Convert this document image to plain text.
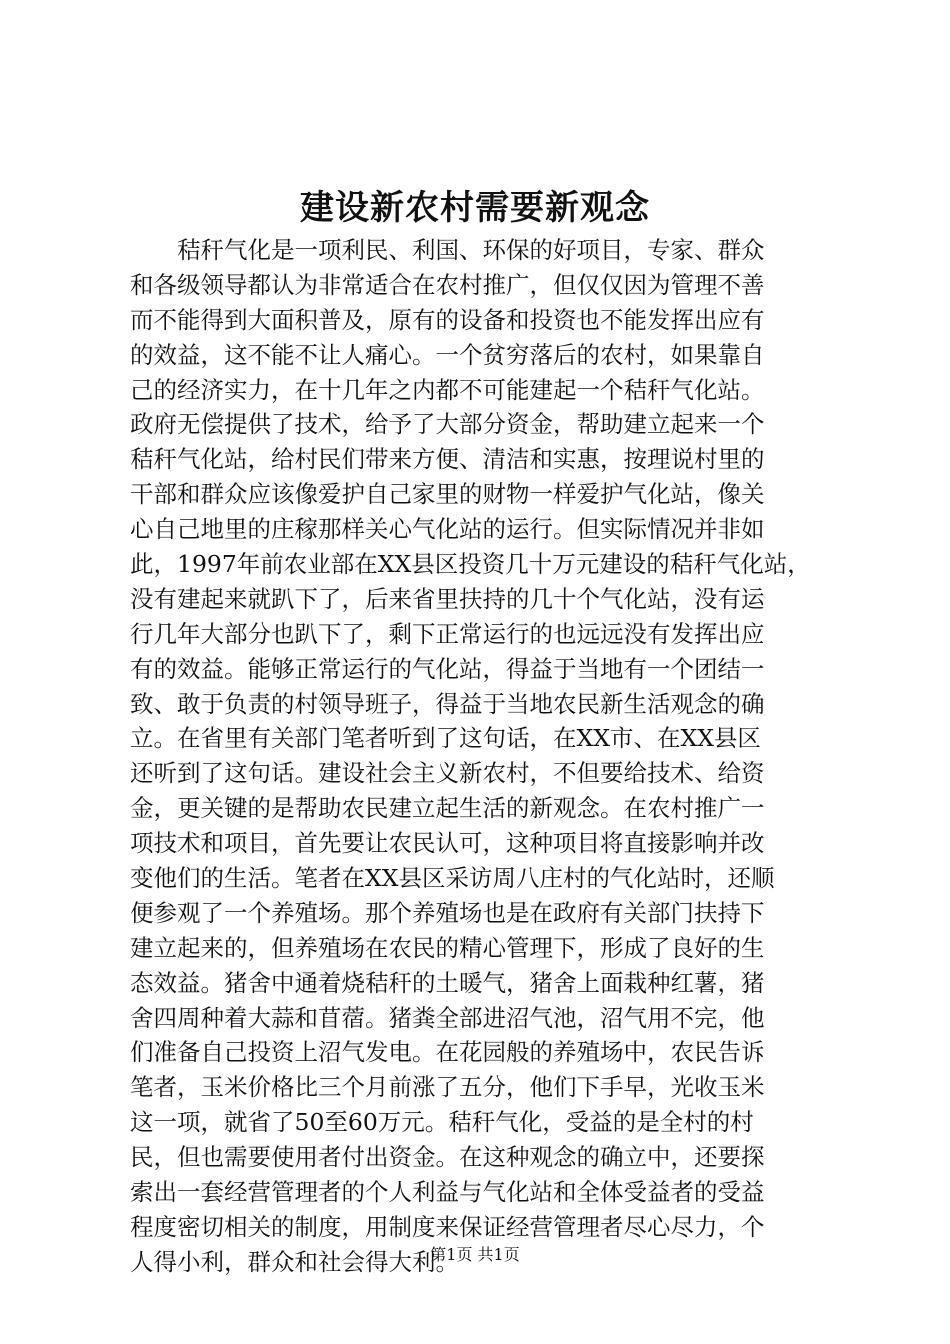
建设新农村需要新观念
　　秸秆气化是一项利民、利国、环保的好项目，专家、群众
和各级领导都认为非常适合在农村推广，但仅仅因为管理不善
而不能得到大面积普及，原有的设备和投资也不能发挥出应有
的效益，这不能不让人痛心。一个贫穷落后的农村，如果靠自
己的经济实力，在十几年之内都不可能建起一个秸秆气化站。
政府无偿提供了技术，给予了大部分资金，帮助建立起来一个
秸秆气化站，给村民们带来方便、清洁和实惠，按理说村里的
干部和群众应该像爱护自己家里的财物一样爱护气化站，像关
心自己地里的庄稼那样关心气化站的运行。但实际情况并非如
此，1997年前农业部在XX县区投资几十万元建设的秸秆气化站，
没有建起来就趴下了，后来省里扶持的几十个气化站，没有运
行几年大部分也趴下了，剩下正常运行的也远远没有发挥出应
有的效益。能够正常运行的气化站，得益于当地有一个团结一
致、敢于负责的村领导班子，得益于当地农民新生活观念的确
立。在省里有关部门笔者听到了这句话，在XX市、在XX县区
还听到了这句话。建设社会主义新农村，不但要给技术、给资
金，更关键的是帮助农民建立起生活的新观念。在农村推广一
项技术和项目，首先要让农民认可，这种项目将直接影响并改
变他们的生活。笔者在XX县区采访周八庄村的气化站时，还顺
便参观了一个养殖场。那个养殖场也是在政府有关部门扶持下
建立起来的，但养殖场在农民的精心管理下，形成了良好的生
态效益。猪舍中通着烧秸秆的土暖气，猪舍上面栽种红薯，猪
舍四周种着大蒜和苜蓿。猪粪全部进沼气池，沼气用不完，他
们准备自己投资上沼气发电。在花园般的养殖场中，农民告诉
笔者，玉米价格比三个月前涨了五分，他们下手早，光收玉米
这一项，就省了50至60万元。秸秆气化，受益的是全村的村
民，但也需要使用者付出资金。在这种观念的确立中，还要探
索出一套经营管理者的个人利益与气化站和全体受益者的受益
程度密切相关的制度，用制度来保证经营管理者尽心尽力，个
人得小利，群众和社会得大利。
第1页 共1页
